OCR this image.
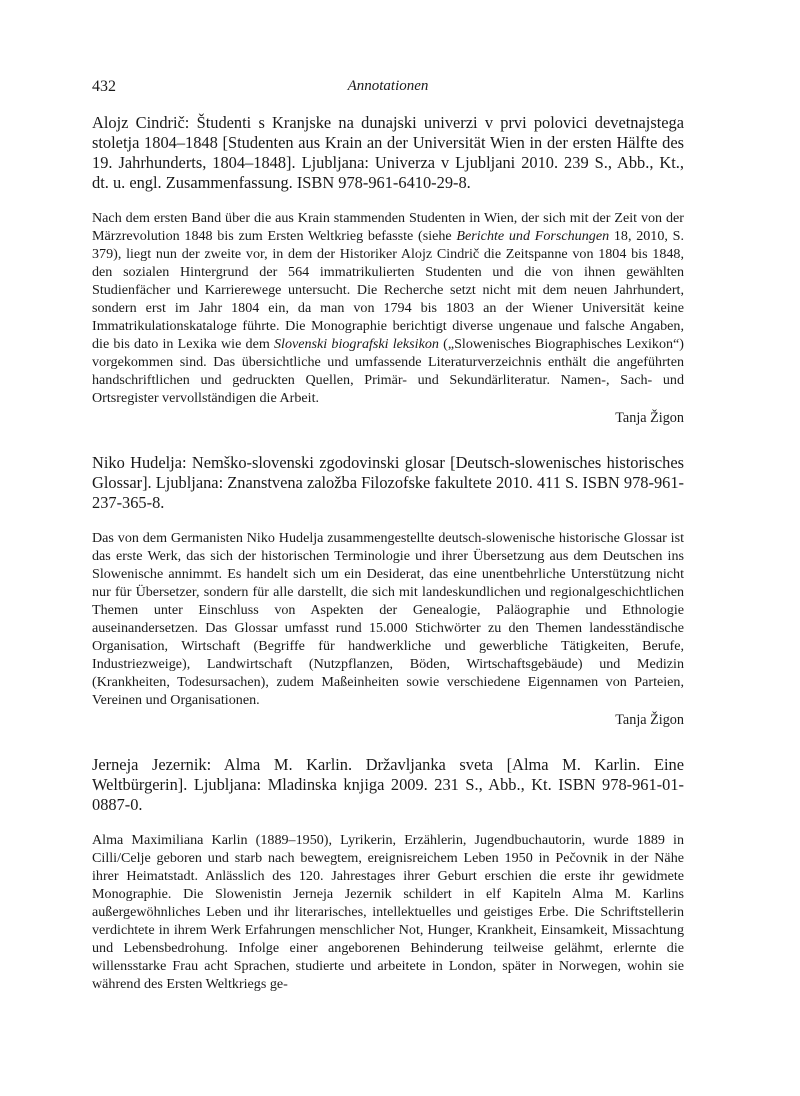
432	Annotationen

Alojz Cindrič: Študenti s Kranjske na dunajski univerzi v prvi polovici devetnajstega stoletja 1804–1848 [Studenten aus Krain an der Universität Wien in der ersten Hälfte des 19. Jahrhunderts, 1804–1848]. Ljubljana: Univerza v Ljubljani 2010. 239 S., Abb., Kt., dt. u. engl. Zusammenfassung. ISBN 978-961-6410-29-8.

Nach dem ersten Band über die aus Krain stammenden Studenten in Wien, der sich mit der Zeit von der Märzrevolution 1848 bis zum Ersten Weltkrieg befasste (siehe Berichte und Forschungen 18, 2010, S. 379), liegt nun der zweite vor, in dem der Historiker Alojz Cindrič die Zeitspanne von 1804 bis 1848, den sozialen Hintergrund der 564 immatrikulierten Studenten und die von ihnen gewählten Studienfächer und Karrierewege untersucht. Die Recherche setzt nicht mit dem neuen Jahrhundert, sondern erst im Jahr 1804 ein, da man von 1794 bis 1803 an der Wiener Universität keine Immatrikulationskataloge führte. Die Monographie berichtigt diverse ungenaue und falsche Angaben, die bis dato in Lexika wie dem Slovenski biografski leksikon („Slowenisches Biographisches Lexikon“) vorgekommen sind. Das übersichtliche und umfassende Literaturverzeichnis enthält die angeführten handschriftlichen und gedruckten Quellen, Primär- und Sekundärliteratur. Namen-, Sach- und Ortsregister vervollständigen die Arbeit.

Tanja Žigon

Niko Hudelja: Nemško-slovenski zgodovinski glosar [Deutsch-slowenisches historisches Glossar]. Ljubljana: Znanstvena založba Filozofske fakultete 2010. 411 S. ISBN 978-961-237-365-8.

Das von dem Germanisten Niko Hudelja zusammengestellte deutsch-slowenische historische Glossar ist das erste Werk, das sich der historischen Terminologie und ihrer Übersetzung aus dem Deutschen ins Slowenische annimmt. Es handelt sich um ein Desiderat, das eine unentbehrliche Unterstützung nicht nur für Übersetzer, sondern für alle darstellt, die sich mit landeskundlichen und regionalgeschichtlichen Themen unter Einschluss von Aspekten der Genealogie, Paläographie und Ethnologie auseinandersetzen. Das Glossar umfasst rund 15.000 Stichwörter zu den Themen landesständische Organisation, Wirtschaft (Begriffe für handwerkliche und gewerbliche Tätigkeiten, Berufe, Industriezweige), Landwirtschaft (Nutzpflanzen, Böden, Wirtschaftsgebäude) und Medizin (Krankheiten, Todesursachen), zudem Maßeinheiten sowie verschiedene Eigennamen von Parteien, Vereinen und Organisationen.

Tanja Žigon

Jerneja Jezernik: Alma M. Karlin. Državljanka sveta [Alma M. Karlin. Eine Weltbürgerin]. Ljubljana: Mladinska knjiga 2009. 231 S., Abb., Kt. ISBN 978-961-01-0887-0.

Alma Maximiliana Karlin (1889–1950), Lyrikerin, Erzählerin, Jugendbuchautorin, wurde 1889 in Cilli/Celje geboren und starb nach bewegtem, ereignisreichem Leben 1950 in Pečovnik in der Nähe ihrer Heimatstadt. Anlässlich des 120. Jahrestages ihrer Geburt erschien die erste ihr gewidmete Monographie. Die Slowenistin Jerneja Jezernik schildert in elf Kapiteln Alma M. Karlins außergewöhnliches Leben und ihr literarisches, intellektuelles und geistiges Erbe. Die Schriftstellerin verdichtete in ihrem Werk Erfahrungen menschlicher Not, Hunger, Krankheit, Einsamkeit, Missachtung und Lebensbedrohung. Infolge einer angeborenen Behinderung teilweise gelähmt, erlernte die willensstarke Frau acht Sprachen, studierte und arbeitete in London, später in Norwegen, wohin sie während des Ersten Weltkriegs ge-
